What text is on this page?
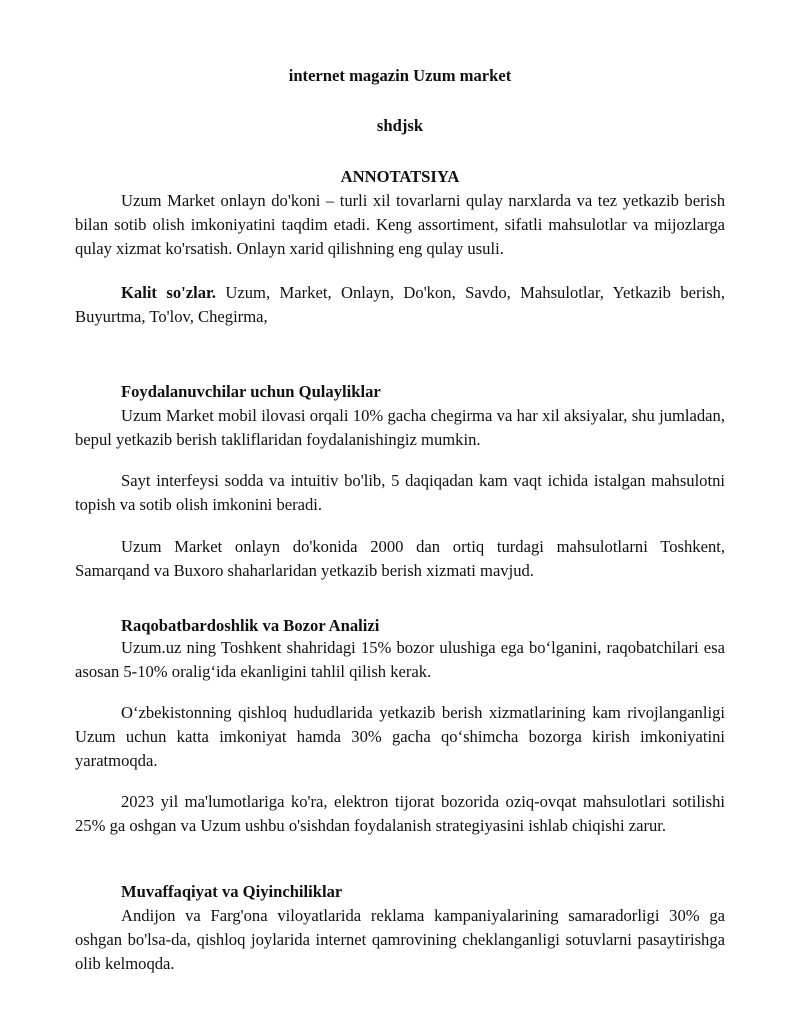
internet magazin Uzum market
shdjsk
ANNOTATSIYA
Uzum Market onlayn do'koni – turli xil tovarlarni qulay narxlarda va tez yetkazib berish bilan sotib olish imkoniyatini taqdim etadi. Keng assortiment, sifatli mahsulotlar va mijozlarga qulay xizmat ko'rsatish. Onlayn xarid qilishning eng qulay usuli.
Kalit so'zlar. Uzum, Market, Onlayn, Do'kon, Savdo, Mahsulotlar, Yetkazib berish, Buyurtma, To'lov, Chegirma,
Foydalanuvchilar uchun Qulayliklar
Uzum Market mobil ilovasi orqali 10% gacha chegirma va har xil aksiyalar, shu jumladan, bepul yetkazib berish takliflaridan foydalanishingiz mumkin.
Sayt interfeysi sodda va intuitiv bo'lib, 5 daqiqadan kam vaqt ichida istalgan mahsulotni topish va sotib olish imkonini beradi.
Uzum Market onlayn do'konida 2000 dan ortiq turdagi mahsulotlarni Toshkent, Samarqand va Buxoro shaharlaridan yetkazib berish xizmati mavjud.
Raqobatbardoshlik va Bozor Analizi
Uzum.uz ning Toshkent shahridagi 15% bozor ulushiga ega bo‘lganini, raqobatchilari esa asosan 5-10% oralig‘ida ekanligini tahlil qilish kerak.
O‘zbekistonning qishloq hududlarida yetkazib berish xizmatlarining kam rivojlanganligi Uzum uchun katta imkoniyat hamda 30% gacha qo‘shimcha bozorga kirish imkoniyatini yaratmoqda.
2023 yil ma'lumotlariga ko'ra, elektron tijorat bozorida oziq-ovqat mahsulotlari sotilishi 25% ga oshgan va Uzum ushbu o'sishdan foydalanish strategiyasini ishlab chiqishi zarur.
Muvaffaqiyat va Qiyinchiliklar
Andijon va Farg'ona viloyatlarida reklama kampaniyalarining samaradorligi 30% ga oshgan bo'lsa-da, qishloq joylarida internet qamrovining cheklanganligi sotuvlarni pasaytirishga olib kelmoqda.
